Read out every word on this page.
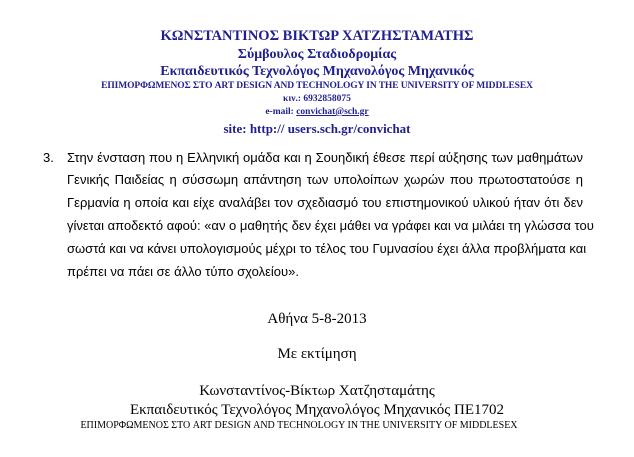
ΚΩΝΣΤΑΝΤΙΝΟΣ ΒΙΚΤΩΡ ΧΑΤΖΗΣΤΑΜΑΤΗΣ
Σύμβουλος Σταδιοδρομίας
Εκπαιδευτικός Τεχνολόγος Μηχανολόγος Μηχανικός
ΕΠΙΜΟΡΦΩΜΕΝΟΣ ΣΤΟ ART DESIGN AND TECHNOLOGY IN THE UNIVERSITY OF MIDDLESEX
κιν.: 6932858075
e-mail: convichat@sch.gr
site: http:// users.sch.gr/convichat
3. Στην ένσταση που η Ελληνική ομάδα και η Σουηδική έθεσε περί αύξησης των μαθημάτων
Γενικής Παιδείας η σύσσωμη απάντηση των υπολοίπων χωρών που πρωτοστατούσε η
Γερμανία η οποία και είχε αναλάβει τον σχεδιασμό του επιστημονικού υλικού ήταν ότι δεν
γίνεται αποδεκτό αφού: «αν ο μαθητής δεν έχει μάθει να γράφει και να μιλάει τη γλώσσα του
σωστά και να κάνει υπολογισμούς μέχρι το τέλος του Γυμνασίου έχει άλλα προβλήματα και
πρέπει να πάει σε άλλο τύπο σχολείου».
Αθήνα 5-8-2013
Με εκτίμηση
Κωνσταντίνος-Βίκτωρ Χατζησταμάτης
Εκπαιδευτικός Τεχνολόγος Μηχανολόγος Μηχανικός ΠΕ1702
ΕΠΙΜΟΡΦΩΜΕΝΟΣ ΣΤΟ ART DESIGN AND TECHNOLOGY IN THE UNIVERSITY OF MIDDLESEX
